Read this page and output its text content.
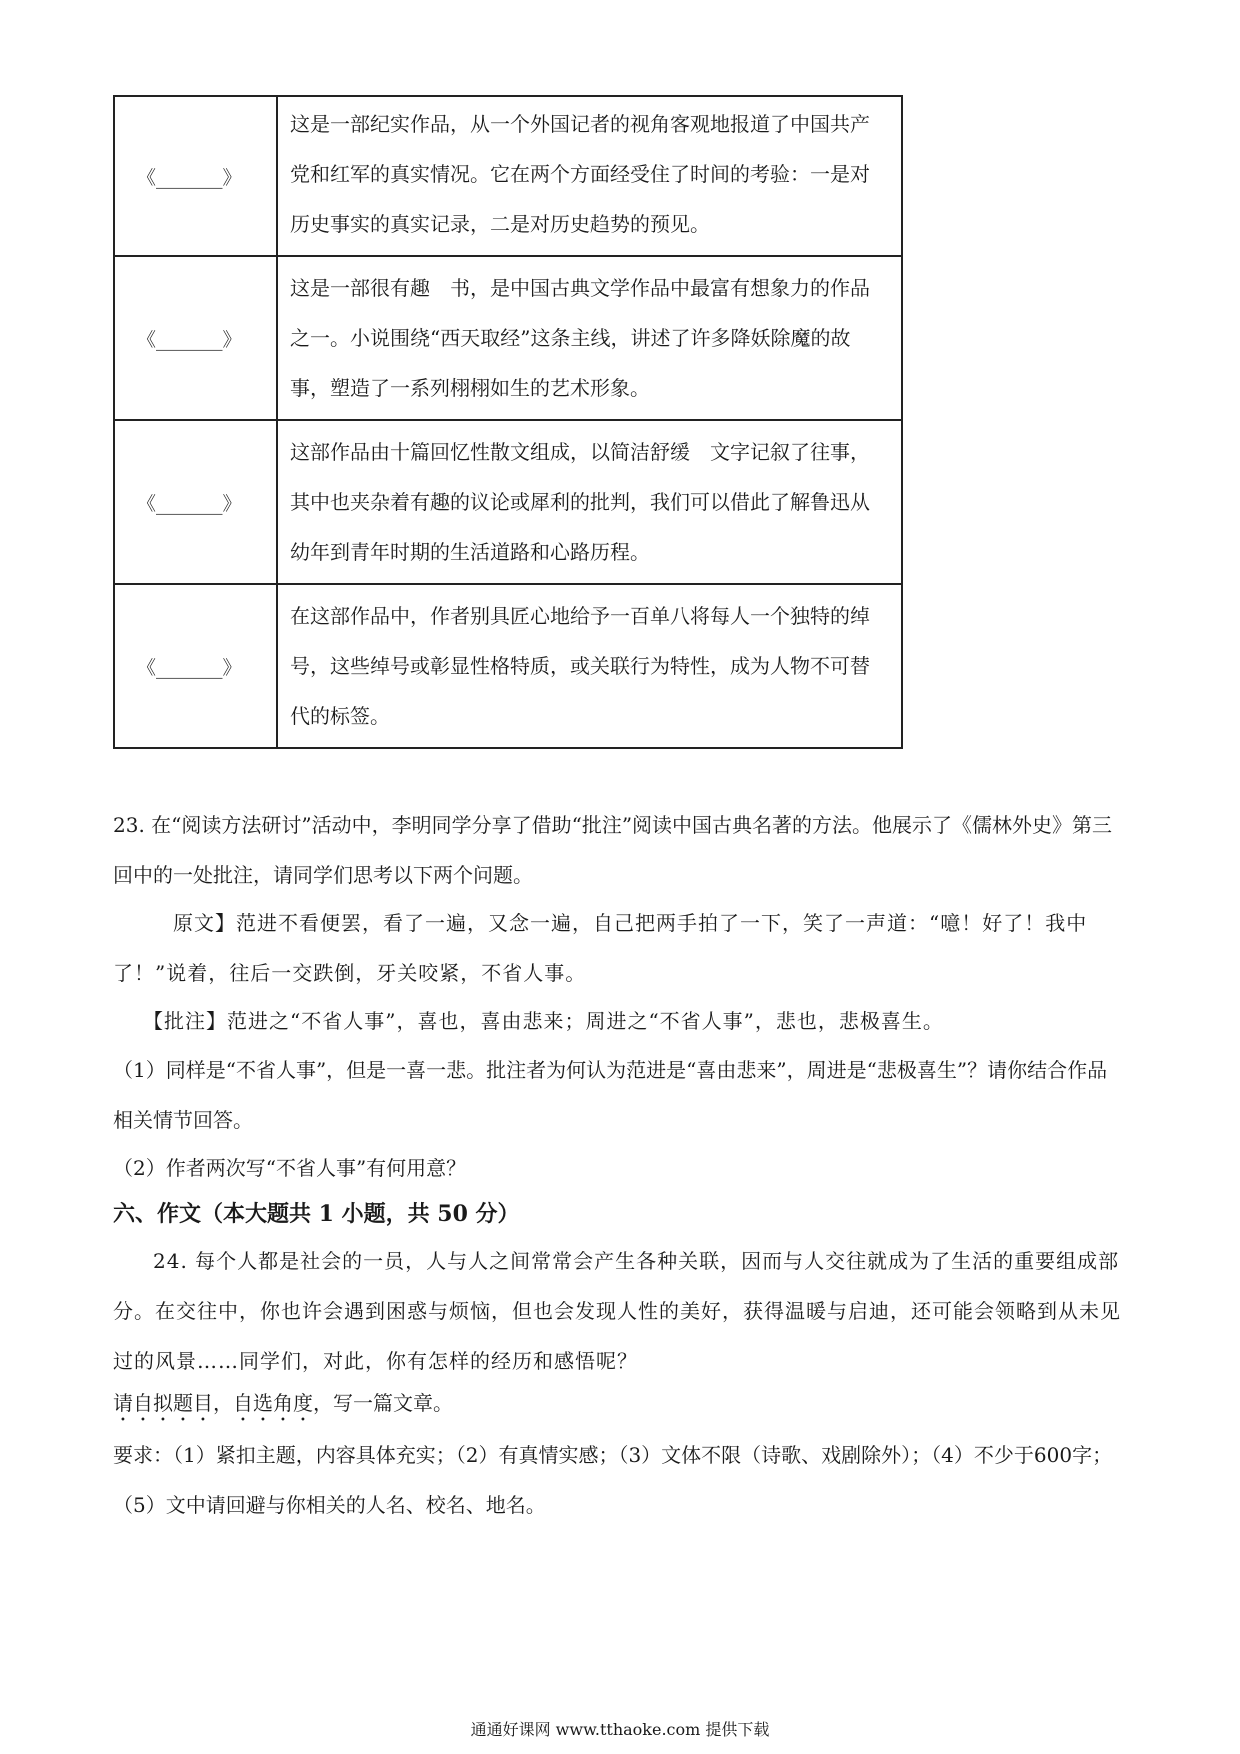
《_______》	这是一部纪实作品，从一个外国记者的视角客观地报道了中国共产党和红军的真实情况。它在两个方面经受住了时间的考验：一是对历史事实的真实记录，二是对历史趋势的预见。
《_______》	这是一部很有趣　书，是中国古典文学作品中最富有想象力的作品之一。小说围绕“西天取经”这条主线，讲述了许多降妖除魔的故事，塑造了一系列栩栩如生的艺术形象。
《_______》	这部作品由十篇回忆性散文组成，以简洁舒缓　文字记叙了往事，其中也夹杂着有趣的议论或犀利的批判，我们可以借此了解鲁迅从幼年到青年时期的生活道路和心路历程。
《_______》	在这部作品中，作者别具匠心地给予一百单八将每人一个独特的绰号，这些绰号或彰显性格特质，或关联行为特性，成为人物不可替代的标签。
23. 在“阅读方法研讨”活动中，李明同学分享了借助“批注”阅读中国古典名著的方法。他展示了《儒林外史》第三回中的一处批注，请同学们思考以下两个问题。
原文】范进不看便罢，看了一遍，又念一遍，自己把两手拍了一下，笑了一声道：“噫！好了！我中了！”说着，往后一交跌倒，牙关咬紧，不省人事。
【批注】范进之“不省人事”，喜也，喜由悲来；周进之“不省人事”，悲也，悲极喜生。
（1）同样是“不省人事”，但是一喜一悲。批注者为何认为范进是“喜由悲来”，周进是“悲极喜生”？请你结合作品相关情节回答。
（2）作者两次写“不省人事”有何用意？
六、作文（本大题共 1 小题，共 50 分）
24. 每个人都是社会的一员，人与人之间常常会产生各种关联，因而与人交往就成为了生活的重要组成部分。在交往中，你也许会遇到困惑与烦恼，但也会发现人性的美好，获得温暖与启迪，还可能会领略到从未见过的风景……同学们，对此，你有怎样的经历和感悟呢？
请自拟题目，自选角度，写一篇文章。
要求：（1）紧扣主题，内容具体充实；（2）有真情实感；（3）文体不限（诗歌、戏剧除外）；（4）不少于600字；（5）文中请回避与你相关的人名、校名、地名。
通通好课网 www.tthaoke.com 提供下载
